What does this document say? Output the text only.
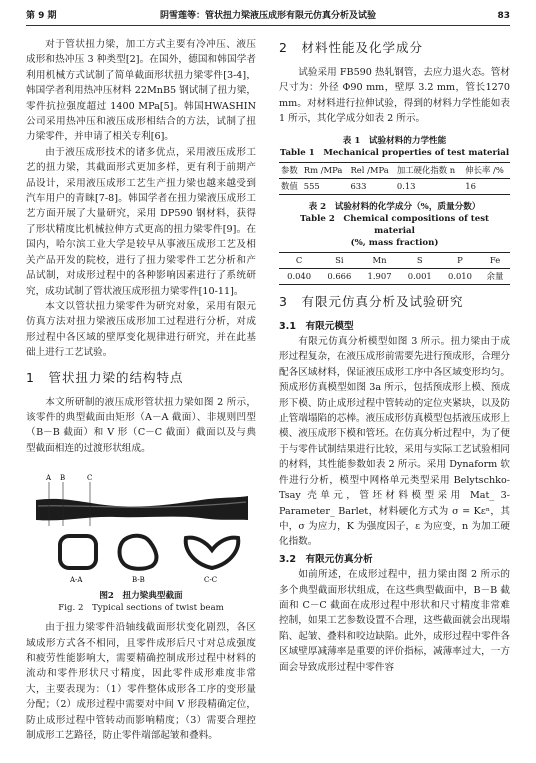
第 9 期	阴雪莲等：管状扭力梁液压成形有限元仿真分析及试验	83

对于管状扭力梁，加工方式主要有冷冲压、液压成形和热冲压 3 种类型[2]。在国外，德国和韩国学者利用机械方式试制了简单截面形状扭力梁零件[3-4]，韩国学者利用热冲压材料 22MnB5 钢试制了扭力梁，零件抗拉强度超过 1400 MPa[5]。韩国HWASHIN 公司采用热冲压和液压成形相结合的方法，试制了扭力梁零件，并申请了相关专利[6]。

由于液压成形技术的诸多优点，采用液压成形工艺的扭力梁，其截面形式更加多样，更有利于前期产品设计，采用液压成形工艺生产扭力梁也越来越受到汽车用户的青睐[7-8]。韩国学者在扭力梁液压成形工艺方面开展了大量研究，采用 DP590 钢材料，获得了形状精度比机械拉伸方式更高的扭力梁零件[9]。在国内，哈尔滨工业大学是较早从事液压成形工艺及相关产品开发的院校，进行了扭力梁零件工艺分析和产品试制，对成形过程中的各种影响因素进行了系统研究，成功试制了管状液压成形扭力梁零件[10-11]。

本文以管状扭力梁零件为研究对象，采用有限元仿真方法对扭力梁液压成形加工过程进行分析，对成形过程中各区域的壁厚变化规律进行研究，并在此基础上进行工艺试验。

1　管状扭力梁的结构特点

本文所研制的液压成形管状扭力梁如图 2 所示，该零件的典型截面由矩形（A－A 截面）、非规则凹型（B－B 截面）和 V 形（C－C 截面）截面以及与典型截面相连的过渡形状组成。

A B	C
A-A	B-B	C-C
图2　扭力梁典型截面
Fig. 2　Typical sections of twist beam

由于扭力梁零件沿轴线截面形状变化剧烈，各区域成形方式各不相同，且零件成形后尺寸对总成强度和疲劳性能影响大，需要精确控制成形过程中材料的流动和零件形状尺寸精度，因此零件成形难度非常大，主要表现为：（1）零件整体成形各工序的变形量分配；（2）成形过程中需要对中间 V 形段精确定位，防止成形过程中管转动而影响精度；（3）需要合理控制成形工艺路径，防止零件端部起皱和叠料。

2　材料性能及化学成分

试验采用 FB590 热轧钢管，去应力退火态。管材尺寸为：外径 Φ90 mm，壁厚 3.2 mm，管长1270 mm。对材料进行拉伸试验，得到的材料力学性能如表 1 所示，其化学成分如表 2 所示。

表 1　试验材料的力学性能
Table 1　Mechanical properties of test material
参数	Rm /MPa	Rel /MPa	加工硬化指数 n	伸长率 /%
数值	555	633	0.13	16
表 2　试验材料的化学成分（%，质量分数）
Table 2　Chemical compositions of test material
(%, mass fraction)
C	Si	Mn	S	P	Fe
0.040	0.666	1.907	0.001	0.010	余量
3　有限元仿真分析及试验研究
3.1　有限元模型

有限元仿真分析模型如图 3 所示。扭力梁由于成形过程复杂，在液压成形前需要先进行预成形，合理分配各区域材料，保证液压成形工序中各区域变形均匀。预成形仿真模型如图 3a 所示，包括预成形上模、预成形下模、防止成形过程中管转动的定位夹紧块，以及防止管端塌陷的芯棒。液压成形仿真模型包括液压成形上模、液压成形下模和管坯。在仿真分析过程中，为了便于与零件试制结果进行比较，采用与实际工艺试验相同的材料，其性能参数如表 2 所示。采用 Dynaform 软件进行分析，模型中网格单元类型采用 Belytschko-Tsay 壳单元，管坯材料模型采用 Mat_ 3-Parameter_ Barlet，材料硬化方式为 σ = Kεⁿ，其中，σ 为应力，K 为强度因子，ε 为应变，n 为加工硬化指数。

3.2　有限元仿真分析

如前所述，在成形过程中，扭力梁由图 2 所示的多个典型截面形状组成，在这些典型截面中，B－B 截面和 C－C 截面在成形过程中形状和尺寸精度非常难控制，如果工艺参数设置不合理，这些截面就会出现塌陷、起皱、叠料和咬边缺陷。此外，成形过程中零件各区域壁厚减薄率是重要的评价指标，减薄率过大，一方面会导致成形过程中零件容
